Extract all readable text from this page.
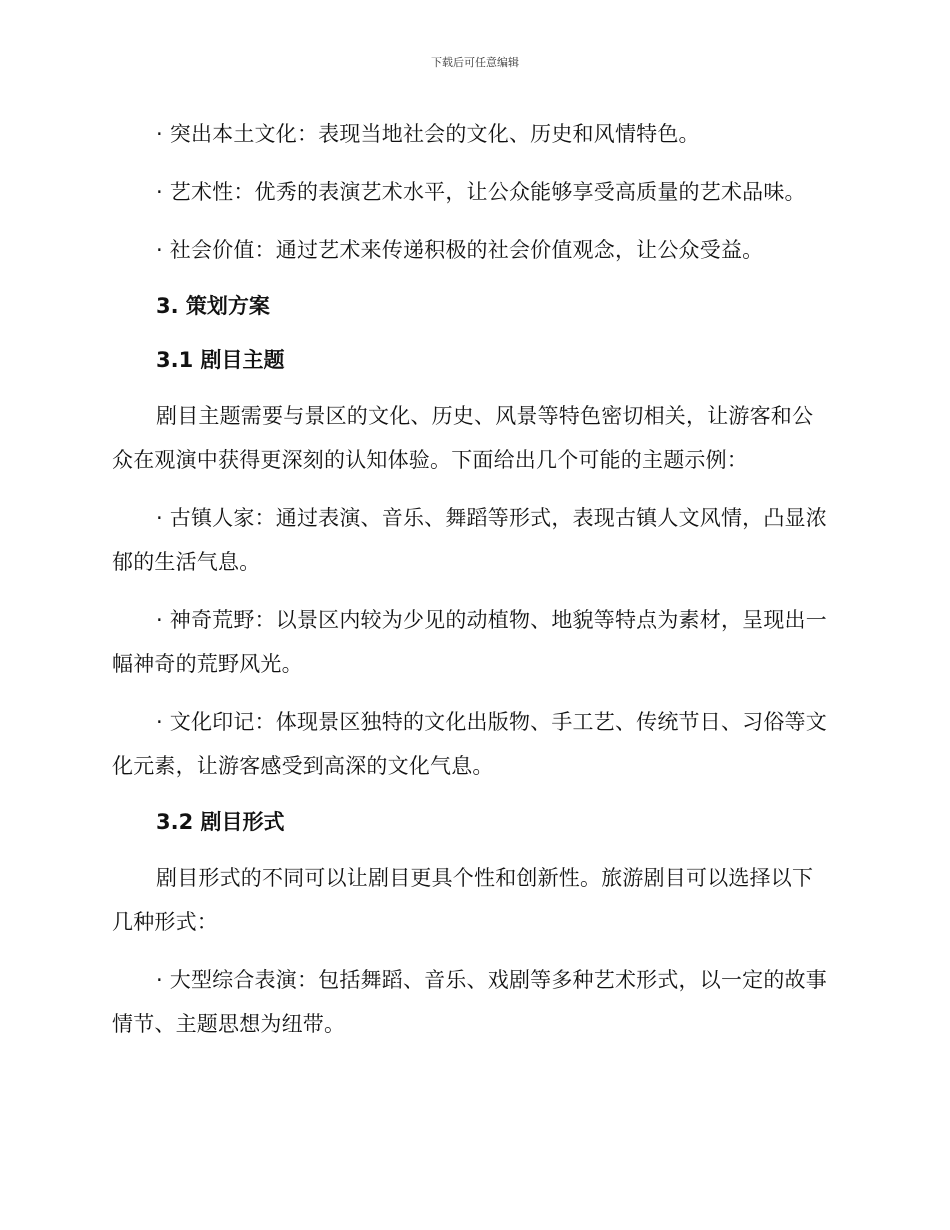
下载后可任意编辑

· 突出本土文化：表现当地社会的文化、历史和风情特色。

· 艺术性：优秀的表演艺术水平，让公众能够享受高质量的艺术品味。

· 社会价值：通过艺术来传递积极的社会价值观念，让公众受益。

3. 策划方案
3.1 剧目主题

剧目主题需要与景区的文化、历史、风景等特色密切相关，让游客和公众在观演中获得更深刻的认知体验。下面给出几个可能的主题示例：

· 古镇人家：通过表演、音乐、舞蹈等形式，表现古镇人文风情，凸显浓郁的生活气息。

· 神奇荒野：以景区内较为少见的动植物、地貌等特点为素材，呈现出一幅神奇的荒野风光。

· 文化印记：体现景区独特的文化出版物、手工艺、传统节日、习俗等文化元素，让游客感受到高深的文化气息。

3.2 剧目形式

剧目形式的不同可以让剧目更具个性和创新性。旅游剧目可以选择以下几种形式：

· 大型综合表演：包括舞蹈、音乐、戏剧等多种艺术形式，以一定的故事情节、主题思想为纽带。
